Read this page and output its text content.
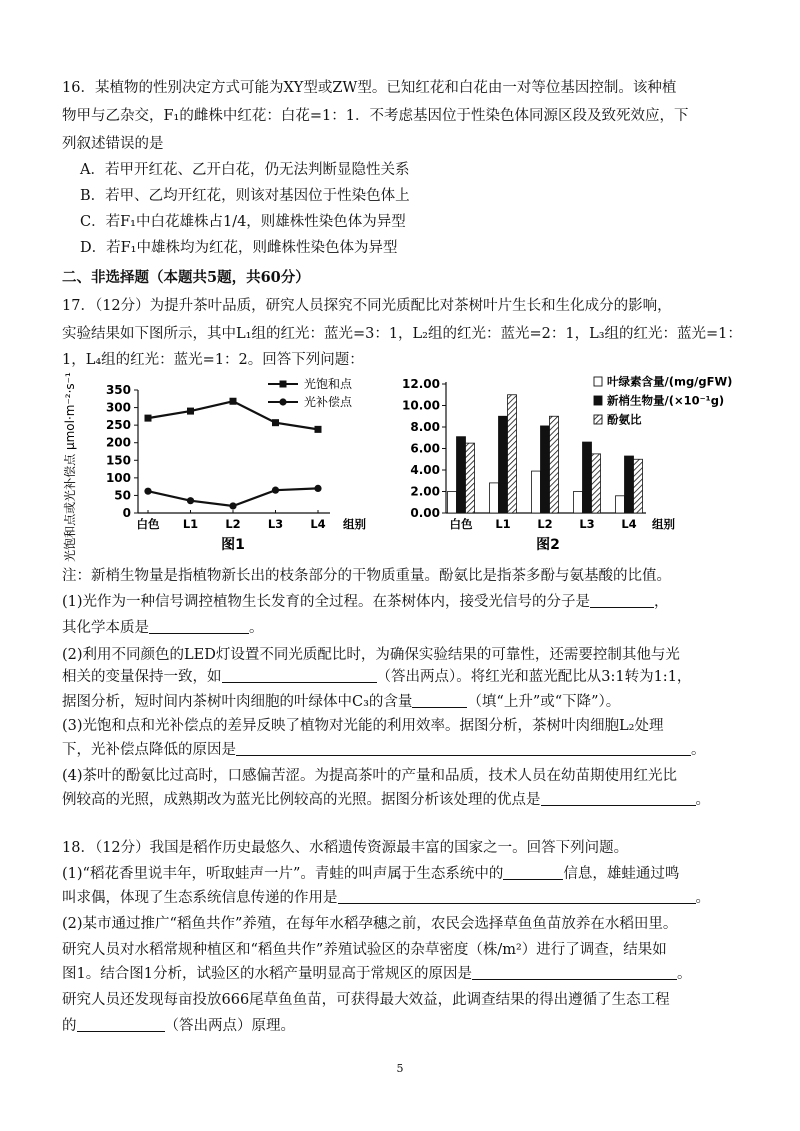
16．某植物的性别决定方式可能为XY型或ZW型。已知红花和白花由一对等位基因控制。该种植
物甲与乙杂交，F₁的雌株中红花：白花=1：1．不考虑基因位于性染色体同源区段及致死效应，下
列叙述错误的是
A．若甲开红花、乙开白花，仍无法判断显隐性关系
B．若甲、乙均开红花，则该对基因位于性染色体上
C．若F₁中白花雄株占1/4，则雄株性染色体为异型
D．若F₁中雄株均为红花，则雌株性染色体为异型
二、非选择题（本题共5题，共60分）
17．（12分）为提升茶叶品质，研究人员探究不同光质配比对茶树叶片生长和生化成分的影响，
实验结果如下图所示，其中L₁组的红光：蓝光=3：1，L₂组的红光：蓝光=2：1，L₃组的红光：蓝光=1：
1，L₄组的红光：蓝光=1：2。回答下列问题：
光饱和点或光补偿点 μmol·m⁻²·s⁻¹	0
50
100
150
200
250
300
350
白色 L1 L2 L3 L4 组别
图1
光饱和点
光补偿点
0.00
2.00
4.00
6.00
8.00
10.00
12.00
白色 L1 L2 L3 L4 组别
图2
叶绿素含量/(mg/gFW)
新梢生物量/(×10⁻¹g)
酚氨比
注：新梢生物量是指植物新长出的枝条部分的干物质重量。酚氨比是指茶多酚与氨基酸的比值。
(1)光作为一种信号调控植物生长发育的全过程。在茶树体内，接受光信号的分子是	，
其化学本质是	。
(2)利用不同颜色的LED灯设置不同光质配比时，为确保实验结果的可靠性，还需要控制其他与光
相关的变量保持一致，如	（答出两点）。将红光和蓝光配比从3:1转为1:1，
据图分析，短时间内茶树叶肉细胞的叶绿体中C₃的含量	（填“上升”或“下降”）。
(3)光饱和点和光补偿点的差异反映了植物对光能的利用效率。据图分析，茶树叶肉细胞L₂处理
下，光补偿点降低的原因是	。
(4)茶叶的酚氨比过高时，口感偏苦涩。为提高茶叶的产量和品质，技术人员在幼苗期使用红光比
例较高的光照，成熟期改为蓝光比例较高的光照。据图分析该处理的优点是	。
18．（12分）我国是稻作历史最悠久、水稻遗传资源最丰富的国家之一。回答下列问题。
(1)“稻花香里说丰年，听取蛙声一片”。青蛙的叫声属于生态系统中的	信息，雄蛙通过鸣
叫求偶，体现了生态系统信息传递的作用是	。
(2)某市通过推广“稻鱼共作”养殖，在每年水稻孕穗之前，农民会选择草鱼鱼苗放养在水稻田里。
研究人员对水稻常规种植区和“稻鱼共作”养殖试验区的杂草密度（株/m²）进行了调查，结果如
图1。结合图1分析，试验区的水稻产量明显高于常规区的原因是	。
研究人员还发现每亩投放666尾草鱼鱼苗，可获得最大效益，此调查结果的得出遵循了生态工程
的	（答出两点）原理。
5
